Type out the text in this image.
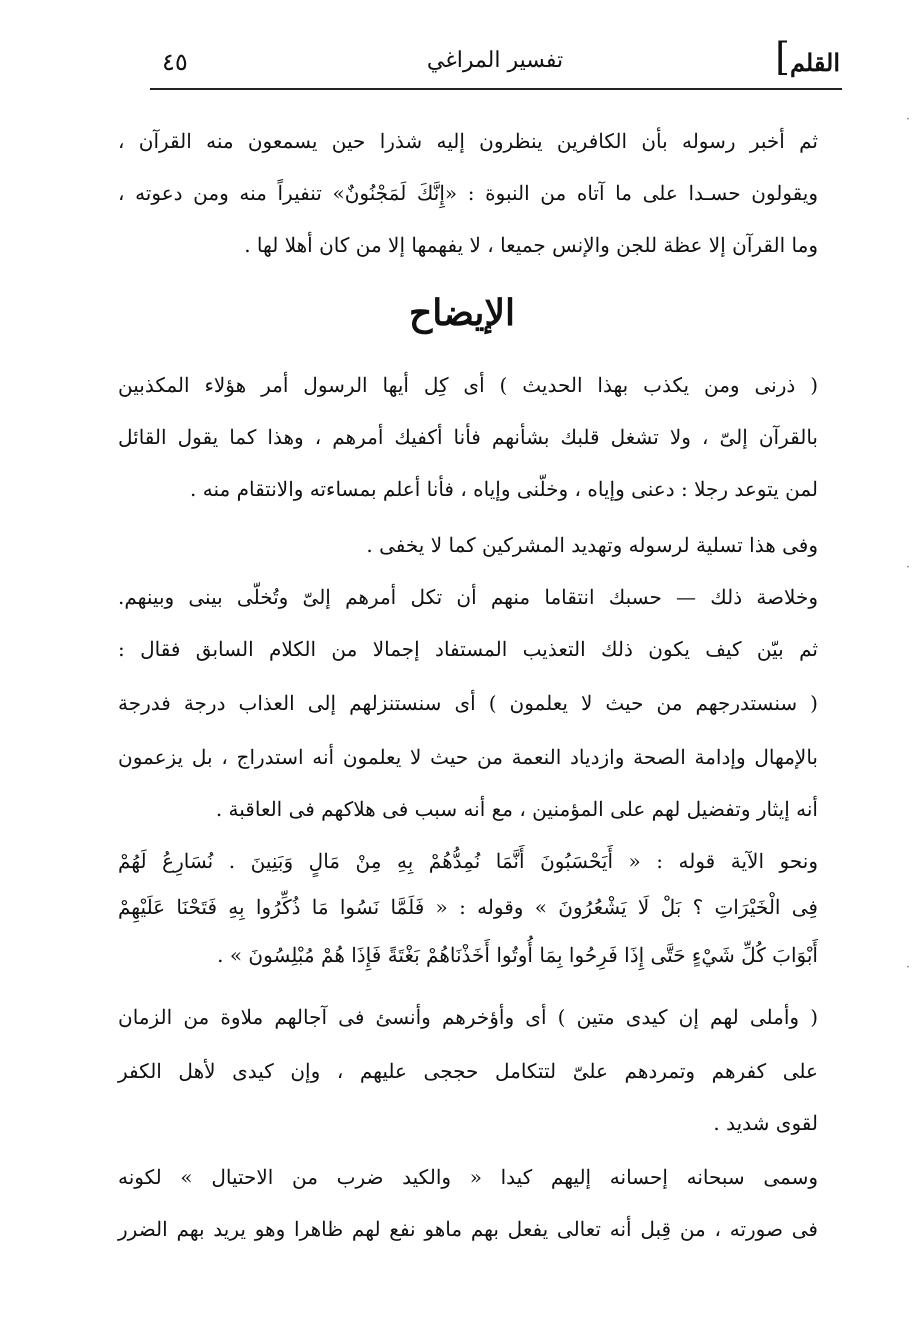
القلم
]
تفسير المراغي
٤٥
ثم أخبر رسوله بأن الكافرين ينظرون إليه شذرا حين يسمعون منه القرآن ،
ويقولون حسـدا على ما آتاه من النبوة : «إِنَّكَ لَمَجْنُونٌ» تنفيراً منه ومن دعوته ،
وما القرآن إلا عظة للجن والإنس جميعا ، لا يفهمها إلا من كان أهلا لها .
الإيضاح
( ذرنى ومن يكذب بهذا الحديث ) أى كِل أيها الرسول أمر هؤلاء المكذبين
بالقرآن إلىّ ، ولا تشغل قلبك بشأنهم فأنا أكفيك أمرهم ، وهذا كما يقول القائل
لمن يتوعد رجلا : دعنى وإياه ، وخلّنى وإياه ، فأنا أعلم بمساءته والانتقام منه .
وفى هذا تسلية لرسوله وتهديد المشركين كما لا يخفى .
وخلاصة ذلك — حسبك انتقاما منهم أن تكل أمرهم إلىّ وتُخلّى بينى وبينهم.
ثم بيّن كيف يكون ذلك التعذيب المستفاد إجمالا من الكلام السابق فقال :
( سنستدرجهم من حيث لا يعلمون ) أى سنستنزلهم إلى العذاب درجة فدرجة
بالإمهال وإدامة الصحة وازدياد النعمة من حيث لا يعلمون أنه استدراج ، بل يزعمون
أنه إيثار وتفضيل لهم على المؤمنين ، مع أنه سبب فى هلاكهم فى العاقبة .
ونحو الآية قوله : « أَيَحْسَبُونَ أَنَّمَا نُمِدُّهُمْ بِهِ مِنْ مَالٍ وَبَنِينَ . نُسَارِعُ لَهُمْ
فِى الْخَيْرَاتِ ؟ بَلْ لَا يَشْعُرُونَ » وقوله : « فَلَمَّا نَسُوا مَا ذُكِّرُوا بِهِ فَتَحْنَا عَلَيْهِمْ
أَبْوَابَ كُلِّ شَيْءٍ حَتَّى إِذَا فَرِحُوا بِمَا أُوتُوا أَخَذْنَاهُمْ بَغْتَةً فَإِذَا هُمْ مُبْلِسُونَ » .
( وأملى لهم إن كيدى متين ) أى وأؤخرهم وأنسئ فى آجالهم ملاوة من الزمان
على كفرهم وتمردهم علىّ لتتكامل حججى عليهم ، وإن كيدى لأهل الكفر
لقوى شديد .
وسمى سبحانه إحسانه إليهم كيدا « والكيد ضرب من الاحتيال » لكونه
فى صورته ، من قِبل أنه تعالى يفعل بهم ماهو نفع لهم ظاهرا وهو يريد بهم الضرر
·
·
·
